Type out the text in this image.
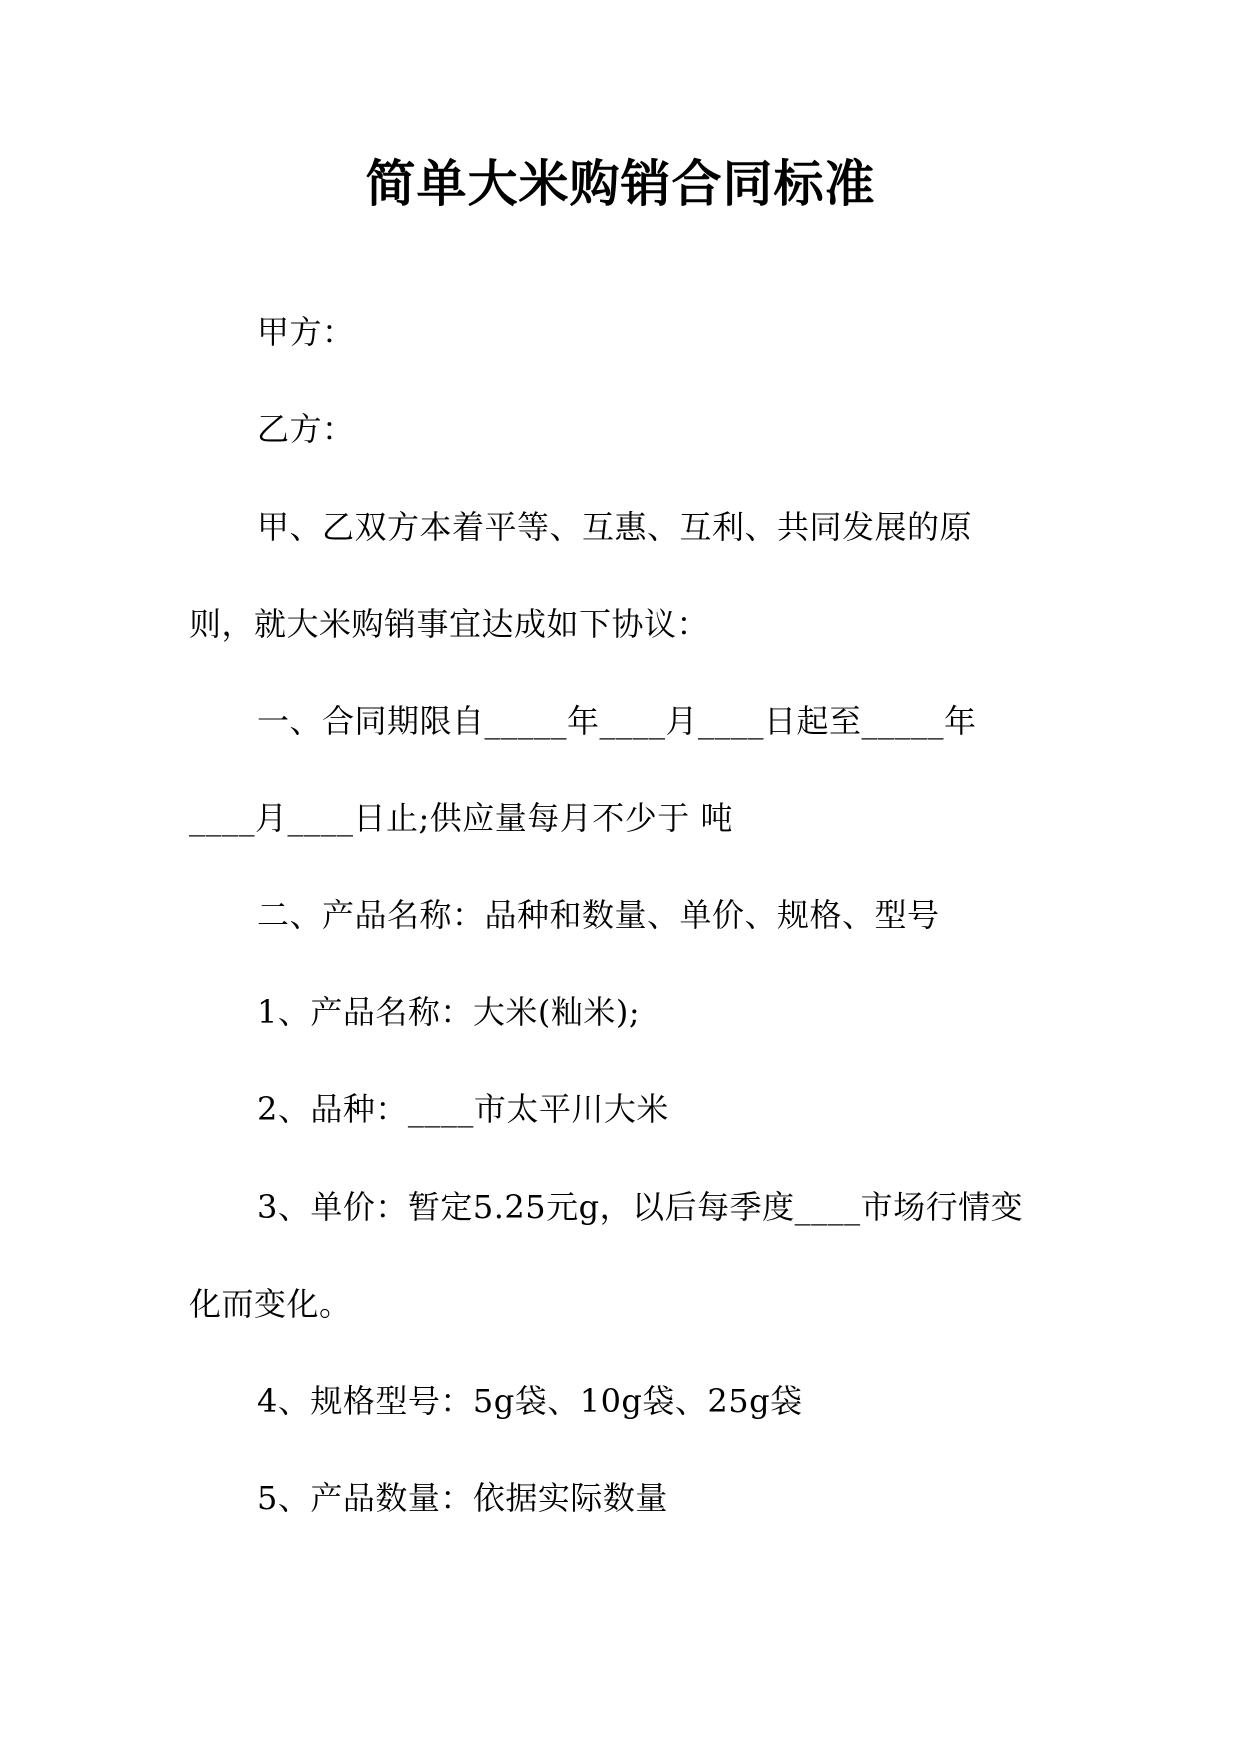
简单大米购销合同标准
甲方：
乙方：
甲、乙双方本着平等、互惠、互利、共同发展的原
则，就大米购销事宜达成如下协议：
一、合同期限自_____年____月____日起至_____年
____月____日止;供应量每月不少于 吨
二、产品名称：品种和数量、单价、规格、型号
1、产品名称：大米(籼米);
2、品种：____市太平川大米
3、单价：暂定5.25元g，以后每季度____市场行情变
化而变化。
4、规格型号：5g袋、10g袋、25g袋
5、产品数量：依据实际数量
